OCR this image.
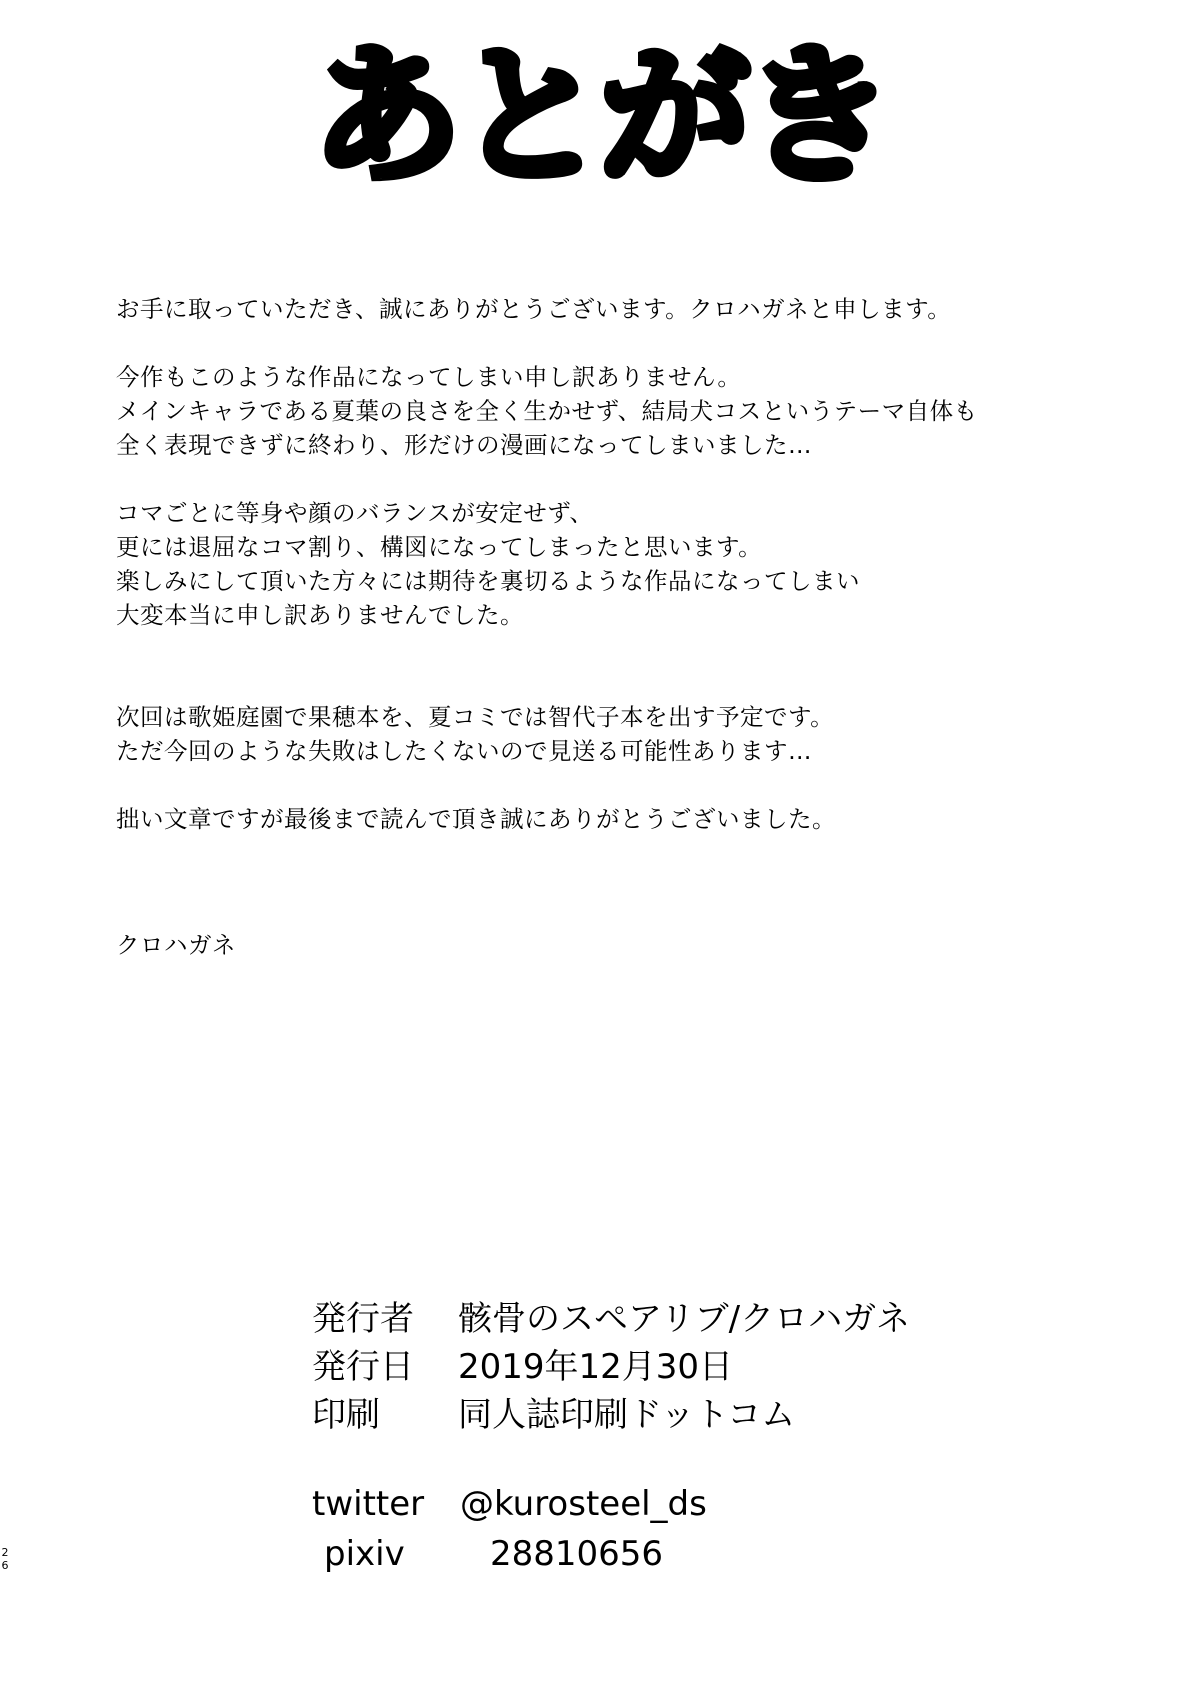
あとがき
お手に取っていただき、誠にありがとうございます。クロハガネと申します。
今作もこのような作品になってしまい申し訳ありません。
メインキャラである夏葉の良さを全く生かせず、結局犬コスというテーマ自体も
全く表現できずに終わり、形だけの漫画になってしまいました…
コマごとに等身や顔のバランスが安定せず、
更には退屈なコマ割り、構図になってしまったと思います。
楽しみにして頂いた方々には期待を裏切るような作品になってしまい
大変本当に申し訳ありませんでした。
次回は歌姫庭園で果穂本を、夏コミでは智代子本を出す予定です。
ただ今回のような失敗はしたくないので見送る可能性あります…
拙い文章ですが最後まで読んで頂き誠にありがとうございました。
クロハガネ
発行者 骸骨のスペアリブ/クロハガネ
発行日 2019年12月30日
印刷 同人誌印刷ドットコム
twitter @kurosteel_ds
pixiv	28810656
2
6
